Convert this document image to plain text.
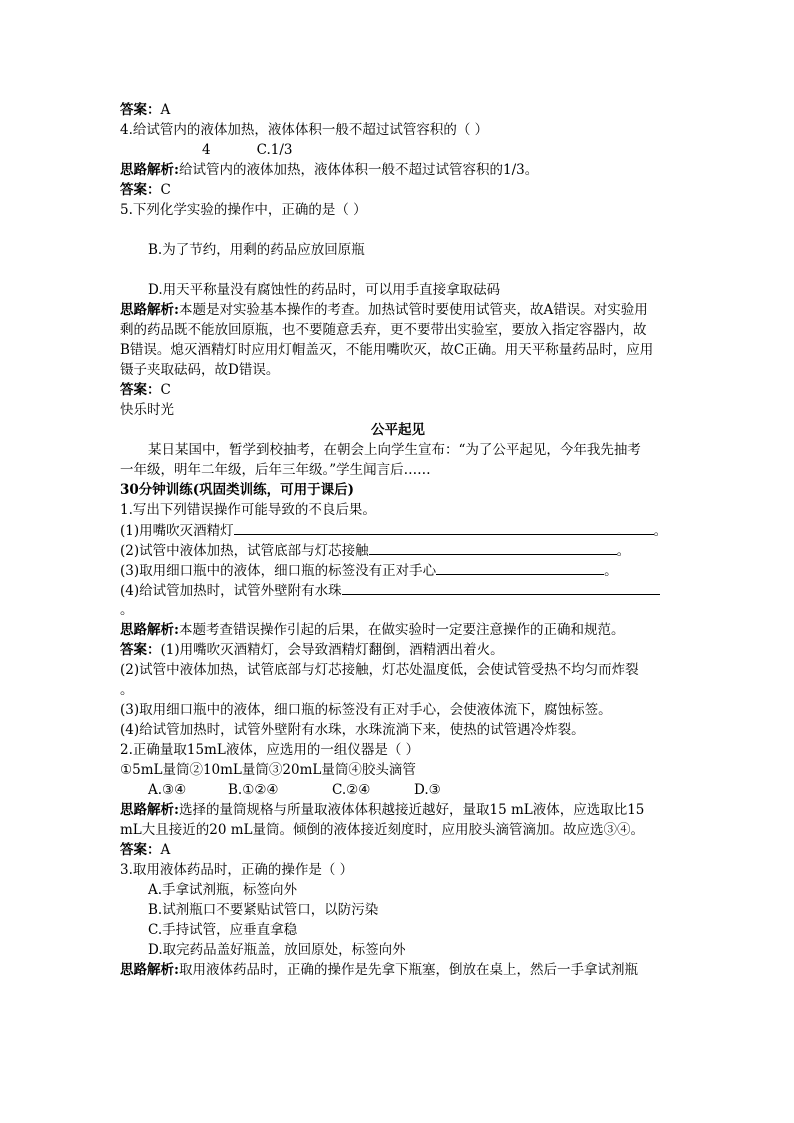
答案：A
4.给试管内的液体加热，液体体积一般不超过试管容积的（ ）
4	C.1/3
思路解析:给试管内的液体加热，液体体积一般不超过试管容积的1/3。
答案：C
5.下列化学实验的操作中，正确的是（ ）
B.为了节约，用剩的药品应放回原瓶
D.用天平称量没有腐蚀性的药品时，可以用手直接拿取砝码
思路解析:本题是对实验基本操作的考查。加热试管时要使用试管夹，故A错误。对实验用
剩的药品既不能放回原瓶，也不要随意丢弃，更不要带出实验室，要放入指定容器内，故
B错误。熄灭酒精灯时应用灯帽盖灭，不能用嘴吹灭，故C正确。用天平称量药品时，应用
镊子夹取砝码，故D错误。
答案：C
快乐时光
公平起见
某日某国中，暂学到校抽考，在朝会上向学生宣布：“为了公平起见，今年我先抽考
一年级，明年二年级，后年三年级。”学生闻言后……
30分钟训练(巩固类训练，可用于课后)
1.写出下列错误操作可能导致的不良后果。
(1)用嘴吹灭酒精灯	。
(2)试管中液体加热，试管底部与灯芯接触	。
(3)取用细口瓶中的液体，细口瓶的标签没有正对手心	。
(4)给试管加热时，试管外壁附有水珠
。
思路解析:本题考查错误操作引起的后果，在做实验时一定要注意操作的正确和规范。
答案：(1)用嘴吹灭酒精灯，会导致酒精灯翻倒，酒精洒出着火。
(2)试管中液体加热，试管底部与灯芯接触，灯芯处温度低，会使试管受热不均匀而炸裂
。
(3)取用细口瓶中的液体，细口瓶的标签没有正对手心，会使液体流下，腐蚀标签。
(4)给试管加热时，试管外壁附有水珠，水珠流淌下来，使热的试管遇冷炸裂。
2.正确量取15mL液体，应选用的一组仪器是（ ）
①5mL量筒②10mL量筒③20mL量筒④胶头滴管
A.③④	B.①②④	C.②④	D.③
思路解析:选择的量筒规格与所量取液体体积越接近越好，量取15 mL液体，应选取比15
mL大且接近的20 mL量筒。倾倒的液体接近刻度时，应用胶头滴管滴加。故应选③④。
答案：A
3.取用液体药品时，正确的操作是（ ）
A.手拿试剂瓶，标签向外
B.试剂瓶口不要紧贴试管口，以防污染
C.手持试管，应垂直拿稳
D.取完药品盖好瓶盖，放回原处，标签向外
思路解析:取用液体药品时，正确的操作是先拿下瓶塞，倒放在桌上，然后一手拿试剂瓶
